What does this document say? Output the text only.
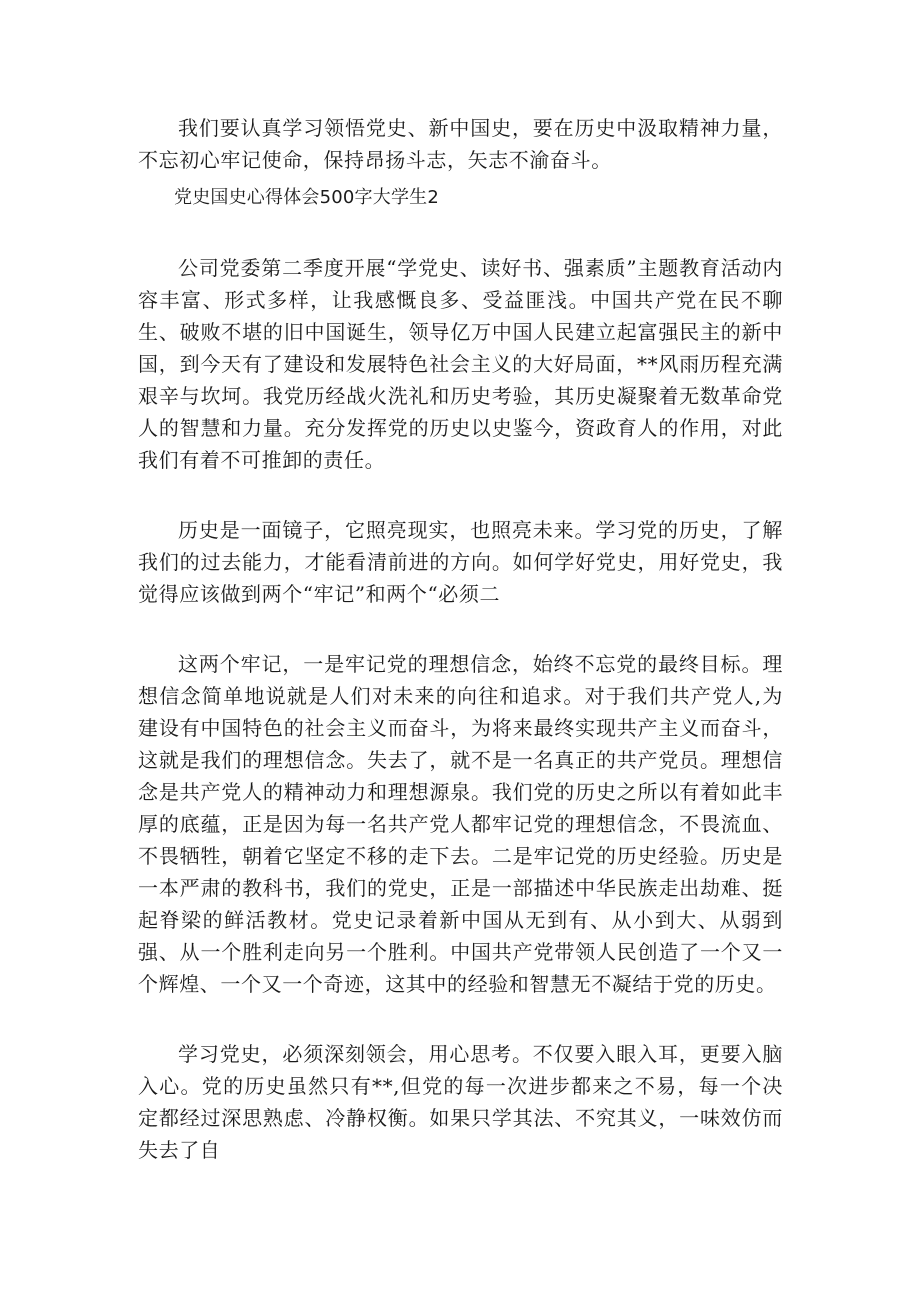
我们要认真学习领悟党史、新中国史，要在历史中汲取精神力量，不忘初心牢记使命，保持昂扬斗志，矢志不渝奋斗。

党史国史心得体会500字大学生2

公司党委第二季度开展“学党史、读好书、强素质”主题教育活动内容丰富、形式多样，让我感慨良多、受益匪浅。中国共产党在民不聊生、破败不堪的旧中国诞生，领导亿万中国人民建立起富强民主的新中国，到今天有了建设和发展特色社会主义的大好局面，**风雨历程充满艰辛与坎坷。我党历经战火洗礼和历史考验，其历史凝聚着无数革命党人的智慧和力量。充分发挥党的历史以史鉴今，资政育人的作用，对此我们有着不可推卸的责任。

历史是一面镜子，它照亮现实，也照亮未来。学习党的历史，了解我们的过去能力，才能看清前进的方向。如何学好党史，用好党史，我觉得应该做到两个“牢记”和两个“必须二

这两个牢记，一是牢记党的理想信念，始终不忘党的最终目标。理想信念简单地说就是人们对未来的向往和追求。对于我们共产党人,为建设有中国特色的社会主义而奋斗，为将来最终实现共产主义而奋斗，这就是我们的理想信念。失去了，就不是一名真正的共产党员。理想信念是共产党人的精神动力和理想源泉。我们党的历史之所以有着如此丰厚的底蕴，正是因为每一名共产党人都牢记党的理想信念，不畏流血、不畏牺牲，朝着它坚定不移的走下去。二是牢记党的历史经验。历史是一本严肃的教科书，我们的党史，正是一部描述中华民族走出劫难、挺起脊梁的鲜活教材。党史记录着新中国从无到有、从小到大、从弱到强、从一个胜利走向另一个胜利。中国共产党带领人民创造了一个又一个辉煌、一个又一个奇迹，这其中的经验和智慧无不凝结于党的历史。

学习党史，必须深刻领会，用心思考。不仅要入眼入耳，更要入脑入心。党的历史虽然只有**,但党的每一次进步都来之不易，每一个决定都经过深思熟虑、冷静权衡。如果只学其法、不究其义，一味效仿而失去了自
